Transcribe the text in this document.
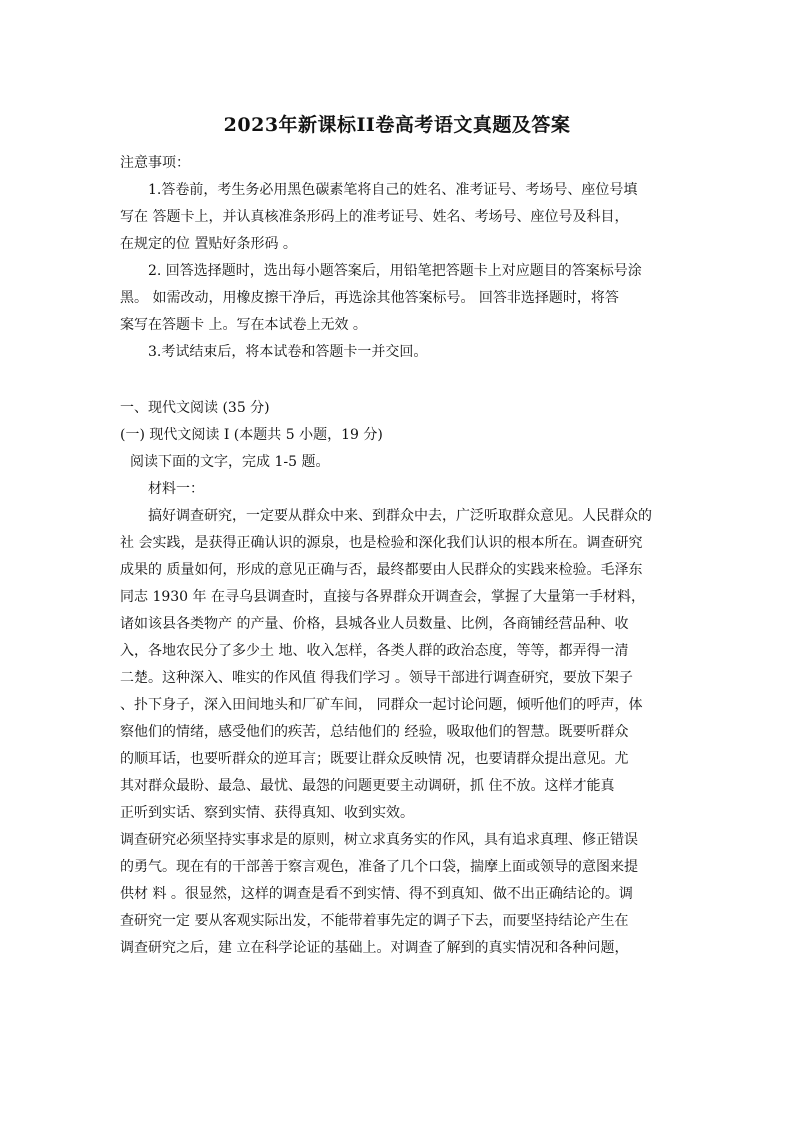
2023年新课标II卷高考语文真题及答案
注意事项：
1.答卷前，考生务必用黑色碳素笔将自己的姓名、准考证号、考场号、座位号填
写在 答题卡上，并认真核准条形码上的准考证号、姓名、考场号、座位号及科目，
在规定的位 置贴好条形码 。
2. 回答选择题时，选出每小题答案后，用铅笔把答题卡上对应题目的答案标号涂
黑。 如需改动，用橡皮擦干净后，再选涂其他答案标号。 回答非选择题时，将答
案写在答题卡 上。写在本试卷上无效 。
3.考试结束后，将本试卷和答题卡一并交回。
一、现代文阅读 (35 分)
(一) 现代文阅读 I (本题共 5 小题，19 分)
阅读下面的文字，完成 1-5 题。
材料一：
搞好调查研究，一定要从群众中来、到群众中去，广泛听取群众意见。人民群众的
社 会实践，是获得正确认识的源泉，也是检验和深化我们认识的根本所在。调查研究
成果的 质量如何，形成的意见正确与否，最终都要由人民群众的实践来检验。毛泽东
同志 1930 年 在寻乌县调查时，直接与各界群众开调查会，掌握了大量第一手材料，
诸如该县各类物产 的产量、价格，县城各业人员数量、比例，各商铺经营品种、收
入，各地农民分了多少土 地、收入怎样，各类人群的政治态度，等等，都弄得一清
二楚。这种深入、唯实的作风值 得我们学习 。领导干部进行调查研究，要放下架子
、扑下身子，深入田间地头和厂矿车间， 同群众一起讨论问题，倾听他们的呼声，体
察他们的情绪，感受他们的疾苦，总结他们的 经验，吸取他们的智慧。既要听群众
的顺耳话，也要听群众的逆耳言；既要让群众反映情 况，也要请群众提出意见。尤
其对群众最盼、最急、最忧、最怨的问题更要主动调研，抓 住不放。这样才能真
正听到实话、察到实情、获得真知、收到实效。
调查研究必须坚持实事求是的原则，树立求真务实的作风，具有追求真理、修正错误
的勇气。现在有的干部善于察言观色，准备了几个口袋，揣摩上面或领导的意图来提
供材 料 。很显然，这样的调查是看不到实情、得不到真知、做不出正确结论的。调
查研究一定 要从客观实际出发，不能带着事先定的调子下去，而要坚持结论产生在
调查研究之后，建 立在科学论证的基础上。对调查了解到的真实情况和各种问题，
